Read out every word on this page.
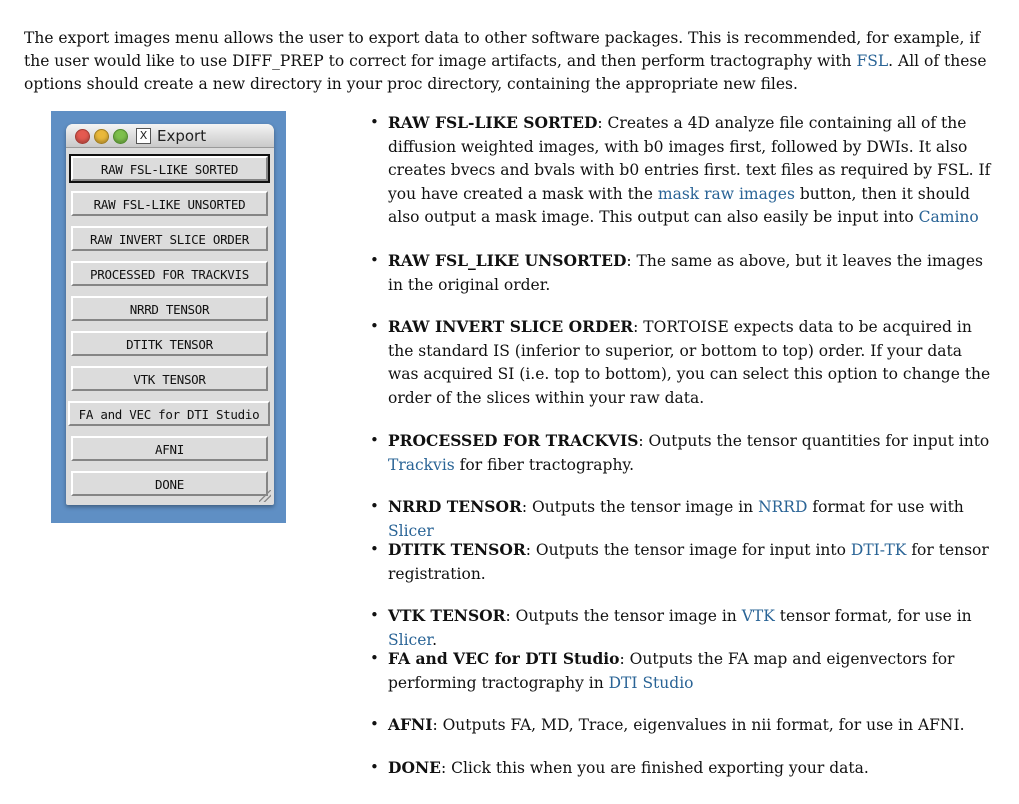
The export images menu allows the user to export data to other software packages. This is recommended, for example, if the user would like to use DIFF_PREP to correct for image artifacts, and then perform tractography with FSL. All of these options should create a new directory in your proc directory, containing the appropriate new files.

X Export
RAW FSL-LIKE SORTED
RAW FSL-LIKE UNSORTED
RAW INVERT SLICE ORDER
PROCESSED FOR TRACKVIS
NRRD TENSOR
DTITK TENSOR
VTK TENSOR
FA and VEC for DTI Studio
AFNI
DONE
• RAW FSL-LIKE SORTED: Creates a 4D analyze file containing all of the diffusion weighted images, with b0 images first, followed by DWIs. It also creates bvecs and bvals with b0 entries first. text files as required by FSL. If you have created a mask with the mask raw images button, then it should also output a mask image. This output can also easily be input into Camino
• RAW FSL_LIKE UNSORTED: The same as above, but it leaves the images in the original order.
• RAW INVERT SLICE ORDER: TORTOISE expects data to be acquired in the standard IS (inferior to superior, or bottom to top) order. If your data was acquired SI (i.e. top to bottom), you can select this option to change the order of the slices within your raw data.
• PROCESSED FOR TRACKVIS: Outputs the tensor quantities for input into Trackvis for fiber tractography.
• NRRD TENSOR: Outputs the tensor image in NRRD format for use with Slicer
• DTITK TENSOR: Outputs the tensor image for input into DTI-TK for tensor registration.
• VTK TENSOR: Outputs the tensor image in VTK tensor format, for use in Slicer.
• FA and VEC for DTI Studio: Outputs the FA map and eigenvectors for performing tractography in DTI Studio
• AFNI: Outputs FA, MD, Trace, eigenvalues in nii format, for use in AFNI.
• DONE: Click this when you are finished exporting your data.
